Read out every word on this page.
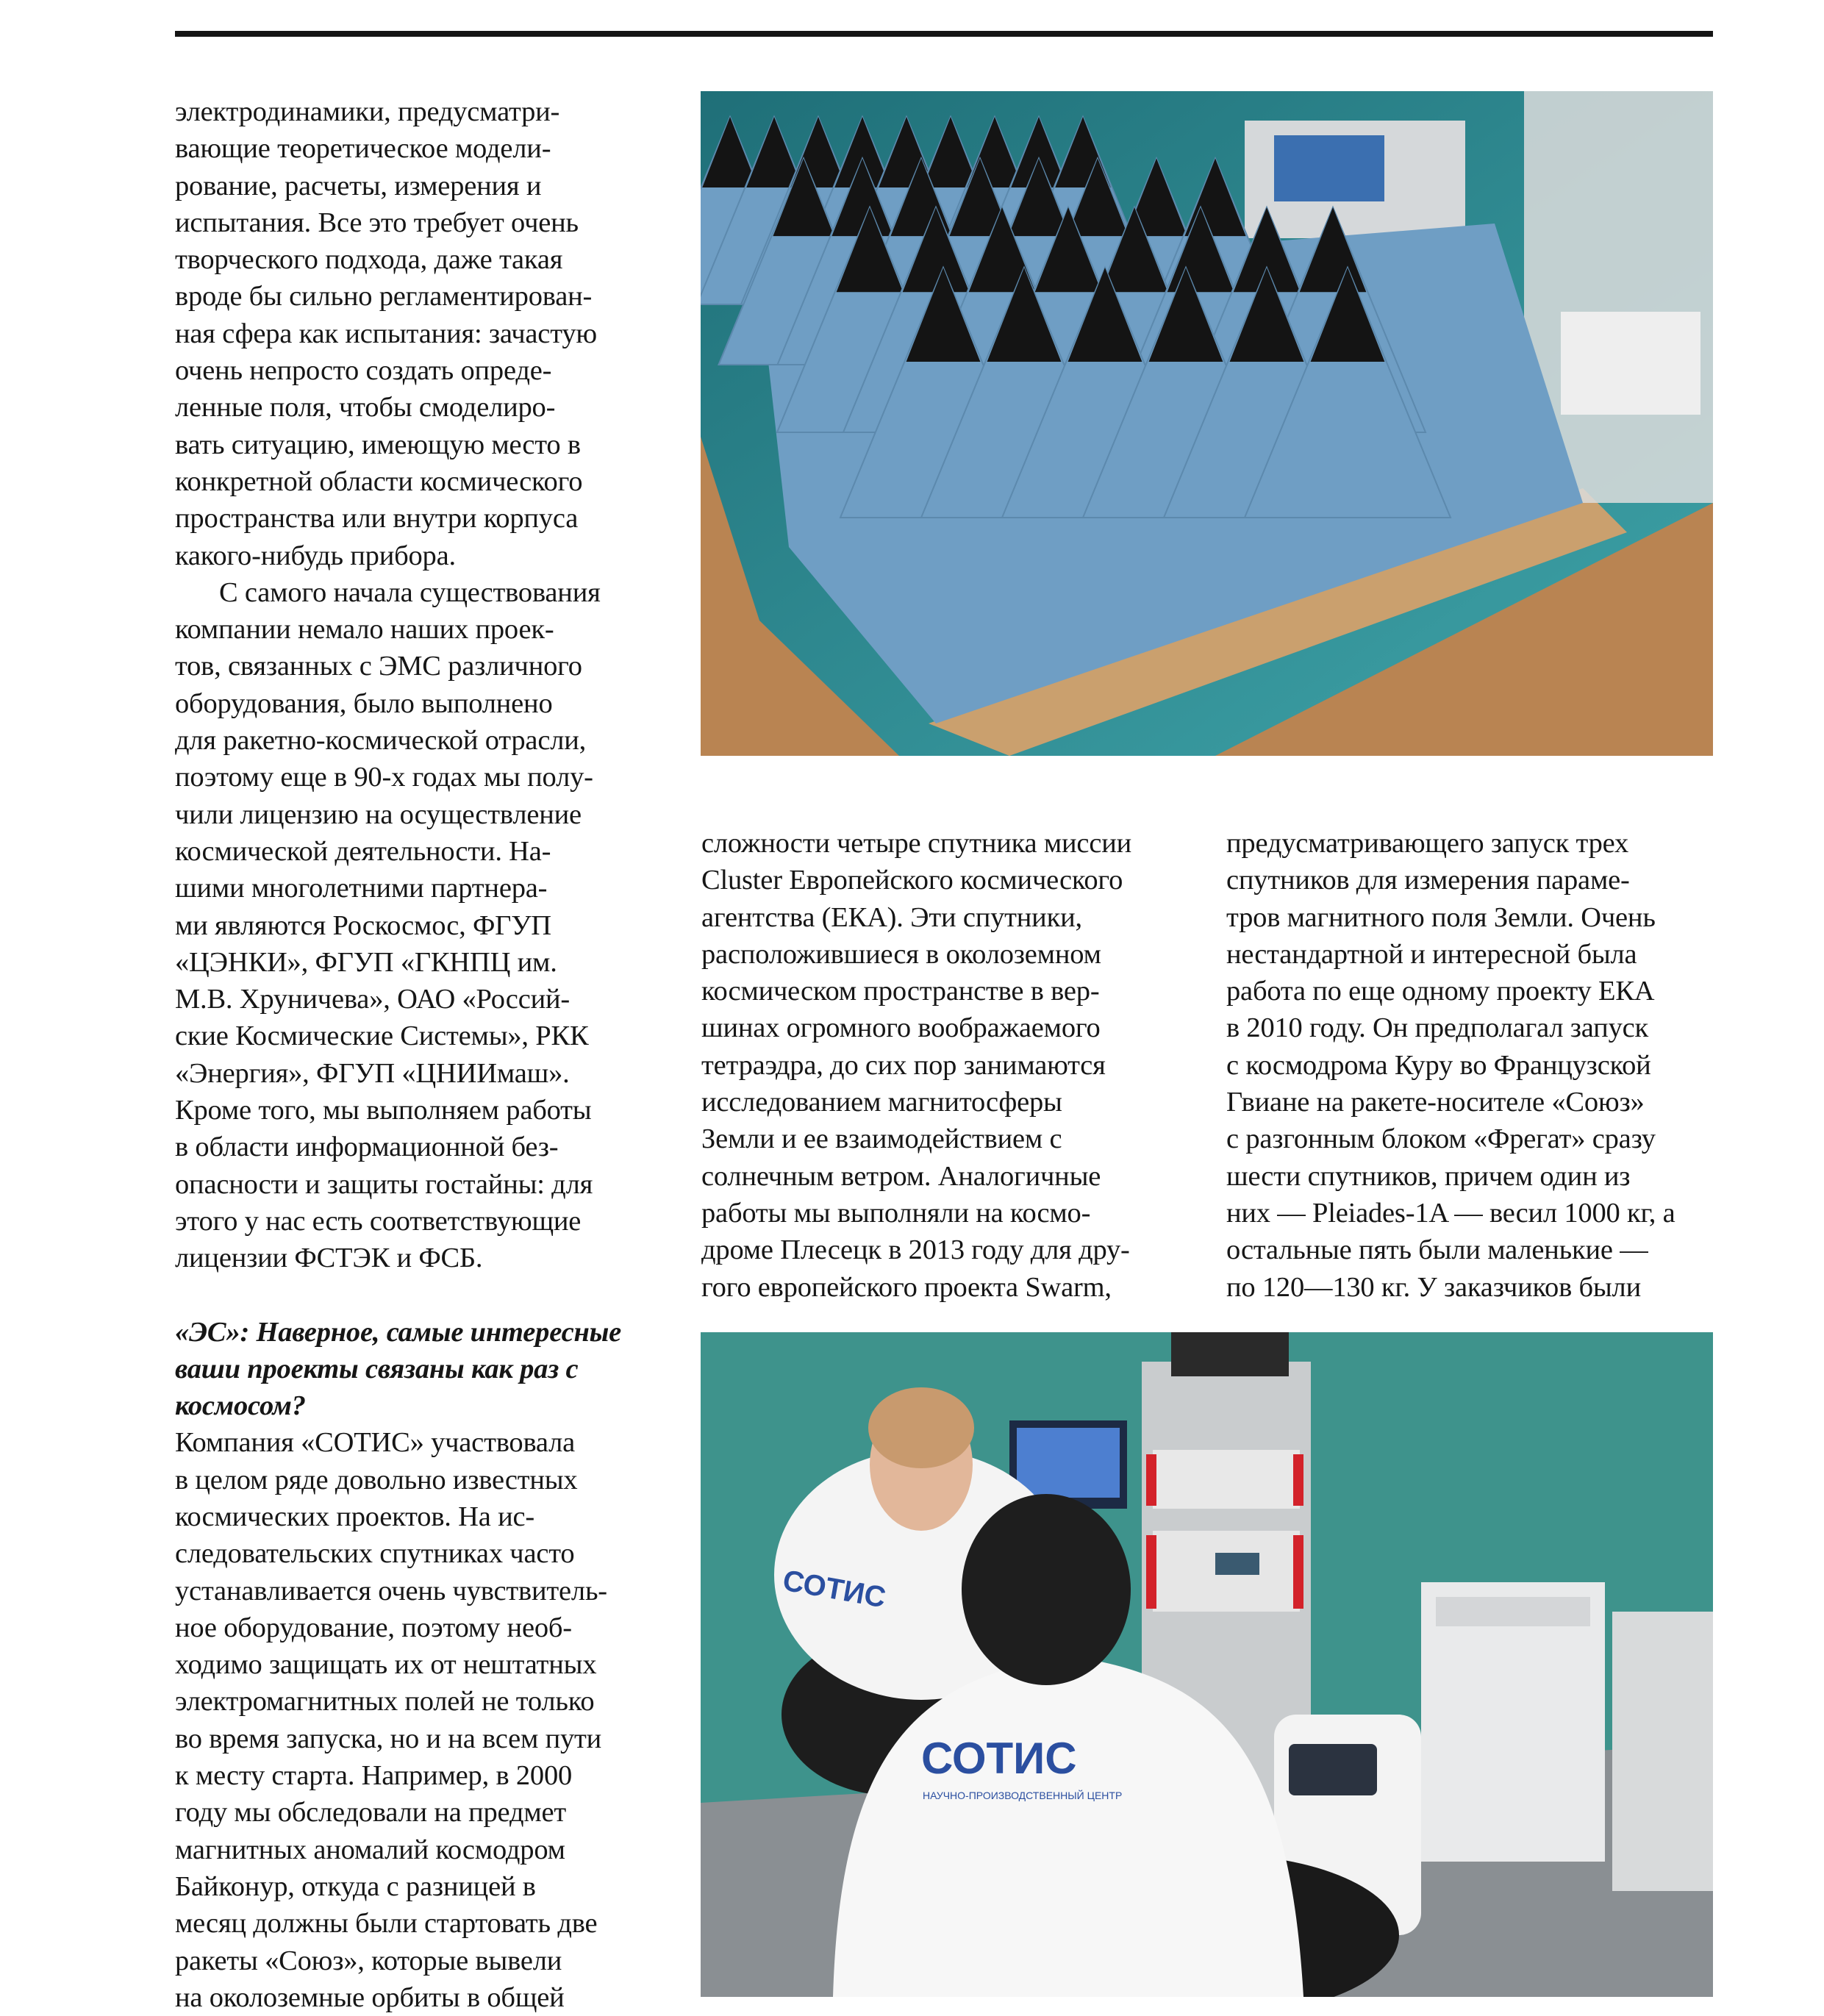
электродинамики, предусматри-

вающие теоретическое модели-

рование, расчеты, измерения и

испытания. Все это требует очень

творческого подхода, даже такая

вроде бы сильно регламентирован-

ная сфера как испытания: зачастую

очень непросто создать опреде-

ленные поля, чтобы смоделиро-

вать ситуацию, имеющую место в

конкретной области космического

пространства или внутри корпуса

какого-нибудь прибора.

С самого начала существования

компании немало наших проек-

тов, связанных с ЭМС различного

оборудования, было выполнено

для ракетно-космической отрасли,

поэтому еще в 90-х годах мы полу-

чили лицензию на осуществление

космической деятельности. На-

шими многолетними партнера-

ми являются Роскосмос, ФГУП

«ЦЭНКИ», ФГУП «ГКНПЦ им.

М.В. Хруничева», ОАО «Россий-

ские Космические Системы», РКК

«Энергия», ФГУП «ЦНИИмаш».

Кроме того, мы выполняем работы

в области информационной без-

опасности и защиты гостайны: для

этого у нас есть соответствующие

лицензии ФСТЭК и ФСБ.

«ЭС»: Наверное, самые интересные

ваши проекты связаны как раз с

космосом?

Компания «СОТИС» участвовала

в целом ряде довольно известных

космических проектов. На ис-

следовательских спутниках часто

устанавливается очень чувствитель-

ное оборудование, поэтому необ-

ходимо защищать их от нештатных

электромагнитных полей не только

во время запуска, но и на всем пути

к месту старта. Например, в 2000

году мы обследовали на предмет

магнитных аномалий космодром

Байконур, откуда с разницей в

месяц должны были стартовать две

ракеты «Союз», которые вывели

на околоземные орбиты в общей

сложности четыре спутника миссии

Cluster Европейского космического

агентства (ЕКА). Эти спутники,

расположившиеся в околоземном

космическом пространстве в вер-

шинах огромного воображаемого

тетраэдра, до сих пор занимаются

исследованием магнитосферы

Земли и ее взаимодействием с

солнечным ветром. Аналогичные

работы мы выполняли на космо-

дроме Плесецк в 2013 году для дру-

гого европейского проекта Swarm,

предусматривающего запуск трех

спутников для измерения параме-

тров магнитного поля Земли. Очень

нестандартной и интересной была

работа по еще одному проекту ЕКА

в 2010 году. Он предполагал запуск

с космодрома Куру во Французской

Гвиане на ракете-носителе «Союз»

с разгонным блоком «Фрегат» сразу

шести спутников, причем один из

них — Pleiades-1A — весил 1000 кг, а

остальные пять были маленькие —

по 120—130 кг. У заказчиков были

СОТИС
НАУЧНО-ПРОИЗВОДСТВЕННЫЙ ЦЕНТР
СОТИС
